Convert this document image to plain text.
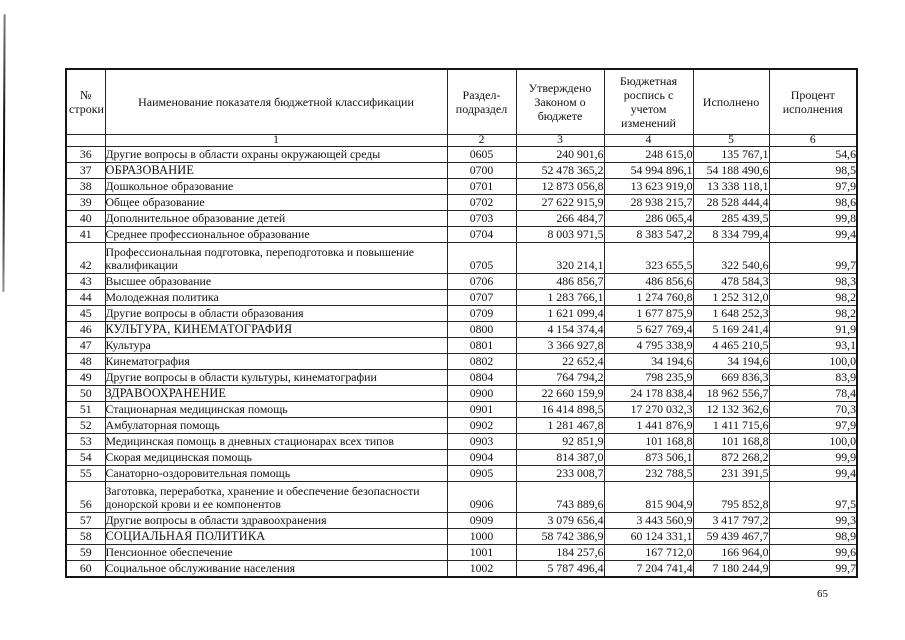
№ строки	Наименование показателя бюджетной классификации	Раздел-подраздел	Утверждено Законом о бюджете	Бюджетная роспись с учетом изменений	Исполнено	Процент исполнения
	1	2	3	4	5	6
36	Другие вопросы в области охраны окружающей среды	0605	240 901,6	248 615,0	135 767,1	54,6
37	ОБРАЗОВАНИЕ	0700	52 478 365,2	54 994 896,1	54 188 490,6	98,5
38	Дошкольное образование	0701	12 873 056,8	13 623 919,0	13 338 118,1	97,9
39	Общее образование	0702	27 622 915,9	28 938 215,7	28 528 444,4	98,6
40	Дополнительное образование детей	0703	266 484,7	286 065,4	285 439,5	99,8
41	Среднее профессиональное образование	0704	8 003 971,5	8 383 547,2	8 334 799,4	99,4
42	Профессиональная подготовка, переподготовка и повышение квалификации	0705	320 214,1	323 655,5	322 540,6	99,7
43	Высшее образование	0706	486 856,7	486 856,6	478 584,3	98,3
44	Молодежная политика	0707	1 283 766,1	1 274 760,8	1 252 312,0	98,2
45	Другие вопросы в области образования	0709	1 621 099,4	1 677 875,9	1 648 252,3	98,2
46	КУЛЬТУРА, КИНЕМАТОГРАФИЯ	0800	4 154 374,4	5 627 769,4	5 169 241,4	91,9
47	Культура	0801	3 366 927,8	4 795 338,9	4 465 210,5	93,1
48	Кинематография	0802	22 652,4	34 194,6	34 194,6	100,0
49	Другие вопросы в области культуры, кинематографии	0804	764 794,2	798 235,9	669 836,3	83,9
50	ЗДРАВООХРАНЕНИЕ	0900	22 660 159,9	24 178 838,4	18 962 556,7	78,4
51	Стационарная медицинская помощь	0901	16 414 898,5	17 270 032,3	12 132 362,6	70,3
52	Амбулаторная помощь	0902	1 281 467,8	1 441 876,9	1 411 715,6	97,9
53	Медицинская помощь в дневных стационарах всех типов	0903	92 851,9	101 168,8	101 168,8	100,0
54	Скорая медицинская помощь	0904	814 387,0	873 506,1	872 268,2	99,9
55	Санаторно-оздоровительная помощь	0905	233 008,7	232 788,5	231 391,5	99,4
56	Заготовка, переработка, хранение и обеспечение безопасности донорской крови и ее компонентов	0906	743 889,6	815 904,9	795 852,8	97,5
57	Другие вопросы в области здравоохранения	0909	3 079 656,4	3 443 560,9	3 417 797,2	99,3
58	СОЦИАЛЬНАЯ ПОЛИТИКА	1000	58 742 386,9	60 124 331,1	59 439 467,7	98,9
59	Пенсионное обеспечение	1001	184 257,6	167 712,0	166 964,0	99,6
60	Социальное обслуживание населения	1002	5 787 496,4	7 204 741,4	7 180 244,9	99,7
65
